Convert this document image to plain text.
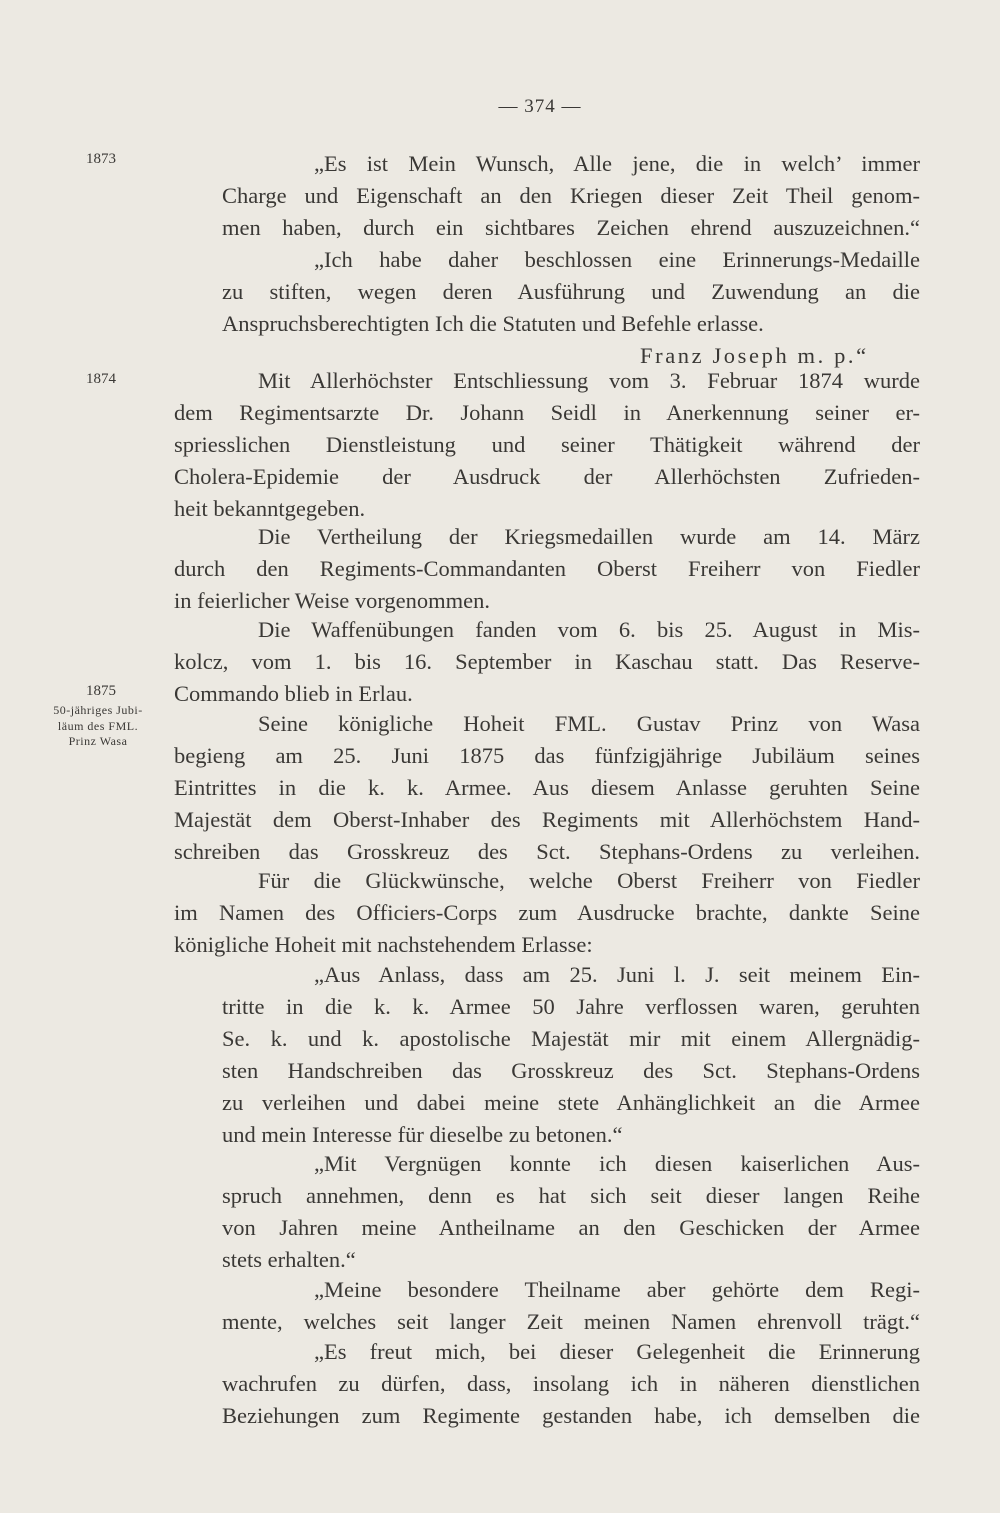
— 374 —
1873
1874
1875
50-jähriges Jubi-
läum des FML.
Prinz Wasa
„Es ist Mein Wunsch, Alle jene, die in welch’ immer
Charge und Eigenschaft an den Kriegen dieser Zeit Theil genom-
men haben, durch ein sichtbares Zeichen ehrend auszuzeichnen.“
„Ich habe daher beschlossen eine Erinnerungs-Medaille
zu stiften, wegen deren Ausführung und Zuwendung an die
Anspruchsberechtigten Ich die Statuten und Befehle erlasse.
Franz Joseph m. p.“
Mit Allerhöchster Entschliessung vom 3. Februar 1874 wurde
dem Regimentsarzte Dr. Johann Seidl in Anerkennung seiner er-
spriesslichen Dienstleistung und seiner Thätigkeit während der
Cholera-Epidemie der Ausdruck der Allerhöchsten Zufrieden-
heit bekanntgegeben.
Die Vertheilung der Kriegsmedaillen wurde am 14. März
durch den Regiments-Commandanten Oberst Freiherr von Fiedler
in feierlicher Weise vorgenommen.
Die Waffenübungen fanden vom 6. bis 25. August in Mis-
kolcz, vom 1. bis 16. September in Kaschau statt. Das Reserve-
Commando blieb in Erlau.
Seine königliche Hoheit FML. Gustav Prinz von Wasa
begieng am 25. Juni 1875 das fünfzigjährige Jubiläum seines
Eintrittes in die k. k. Armee. Aus diesem Anlasse geruhten Seine
Majestät dem Oberst-Inhaber des Regiments mit Allerhöchstem Hand-
schreiben das Grosskreuz des Sct. Stephans-Ordens zu verleihen.
Für die Glückwünsche, welche Oberst Freiherr von Fiedler
im Namen des Officiers-Corps zum Ausdrucke brachte, dankte Seine
königliche Hoheit mit nachstehendem Erlasse:
„Aus Anlass, dass am 25. Juni l. J. seit meinem Ein-
tritte in die k. k. Armee 50 Jahre verflossen waren, geruhten
Se. k. und k. apostolische Majestät mir mit einem Allergnädig-
sten Handschreiben das Grosskreuz des Sct. Stephans-Ordens
zu verleihen und dabei meine stete Anhänglichkeit an die Armee
und mein Interesse für dieselbe zu betonen.“
„Mit Vergnügen konnte ich diesen kaiserlichen Aus-
spruch annehmen, denn es hat sich seit dieser langen Reihe
von Jahren meine Antheilname an den Geschicken der Armee
stets erhalten.“
„Meine besondere Theilname aber gehörte dem Regi-
mente, welches seit langer Zeit meinen Namen ehrenvoll trägt.“
„Es freut mich, bei dieser Gelegenheit die Erinnerung
wachrufen zu dürfen, dass, insolang ich in näheren dienstlichen
Beziehungen zum Regimente gestanden habe, ich demselben die
